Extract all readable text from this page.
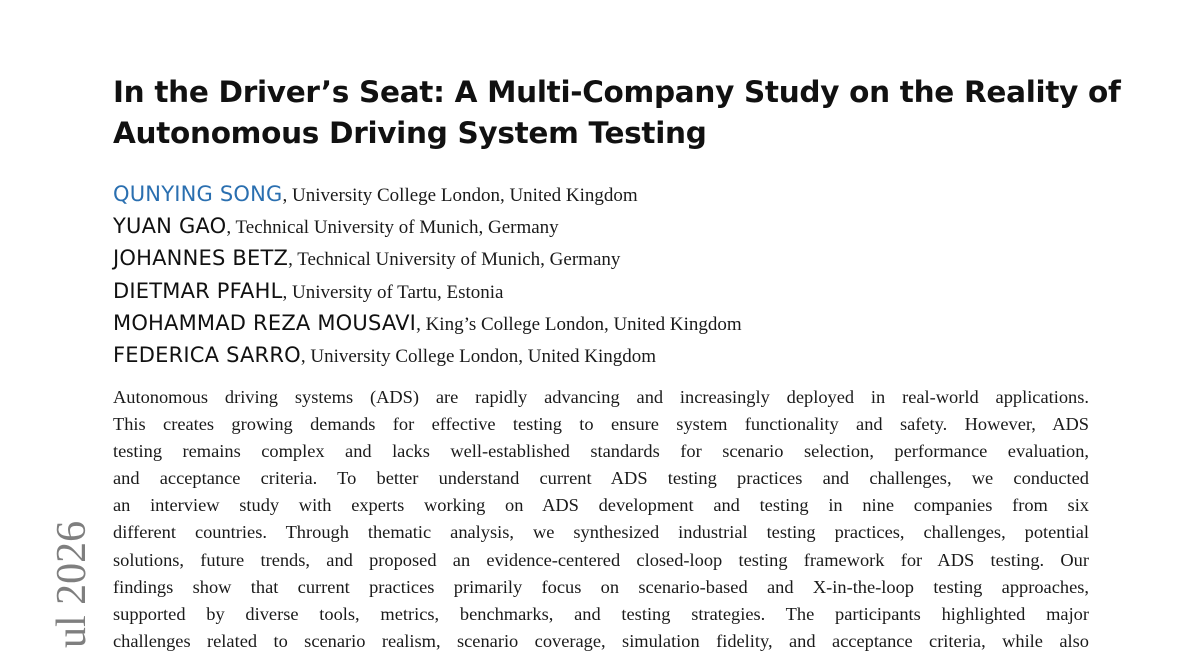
In the Driver’s Seat: A Multi-Company Study on the Reality of
Autonomous Driving System Testing
QUNYING SONG, University College London, United Kingdom
YUAN GAO, Technical University of Munich, Germany
JOHANNES BETZ, Technical University of Munich, Germany
DIETMAR PFAHL, University of Tartu, Estonia
MOHAMMAD REZA MOUSAVI, King’s College London, United Kingdom
FEDERICA SARRO, University College London, United Kingdom
Autonomous driving systems (ADS) are rapidly advancing and increasingly deployed in real-world applications.
This creates growing demands for effective testing to ensure system functionality and safety. However, ADS
testing remains complex and lacks well-established standards for scenario selection, performance evaluation,
and acceptance criteria. To better understand current ADS testing practices and challenges, we conducted
an interview study with experts working on ADS development and testing in nine companies from six
different countries. Through thematic analysis, we synthesized industrial testing practices, challenges, potential
solutions, future trends, and proposed an evidence-centered closed-loop testing framework for ADS testing. Our
findings show that current practices primarily focus on scenario-based and X-in-the-loop testing approaches,
supported by diverse tools, metrics, benchmarks, and testing strategies. The participants highlighted major
challenges related to scenario realism, scenario coverage, simulation fidelity, and acceptance criteria, while also
ul 2026
